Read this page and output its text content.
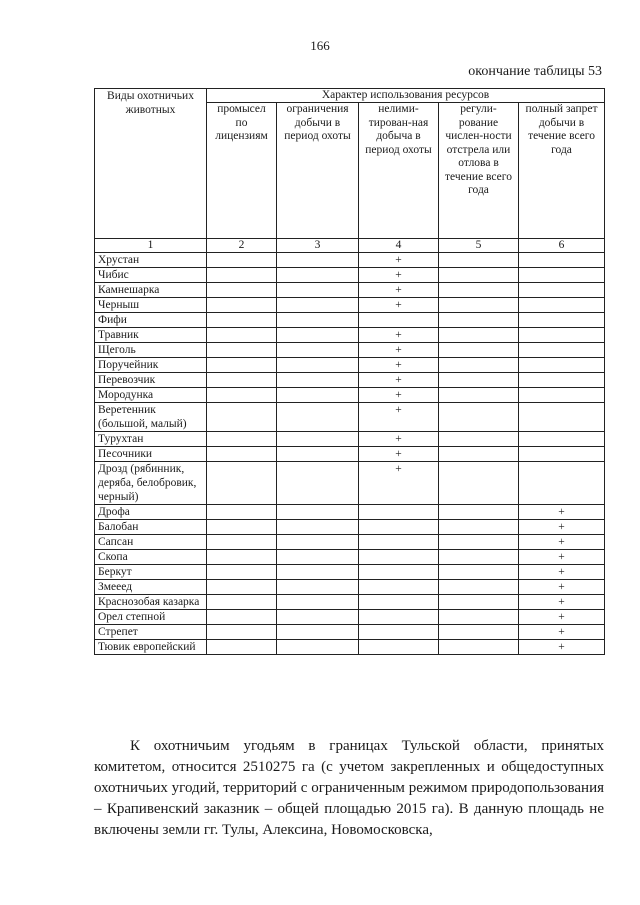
166
окончание таблицы 53
Виды охотничьих животных	Характер использования ресурсов				
	промысел по лицензиям	ограничения добычи в период охоты	нелими-тирован-ная добыча в период охоты	регули-рование числен-ности отстрела или отлова в течение всего года	полный запрет добычи в течение всего года
1	2	3	4	5	6
Хрустан			+		
Чибис			+		
Камнешарка			+		
Черныш			+		
Фифи					
Травник			+		
Щеголь			+		
Поручейник			+		
Перевозчик			+		
Мородунка			+		
Веретенник (большой, малый)			+		
Турухтан			+		
Песочники			+		
Дрозд (рябинник, деряба, белобровик, черный)			+		
Дрофа					+
Балобан					+
Сапсан					+
Скопа					+
Беркут					+
Змееед					+
Краснозобая казарка					+
Орел степной					+
Стрепет					+
Тювик европейский					+
К охотничьим угодьям в границах Тульской области, принятых комитетом, относится 2510275 га (с учетом закрепленных и общедоступных охотничьих угодий, территорий с ограниченным режимом природопользования – Крапивенский заказник – общей площадью 2015 га). В данную площадь не включены земли гг. Тулы, Алексина, Новомосковска,
